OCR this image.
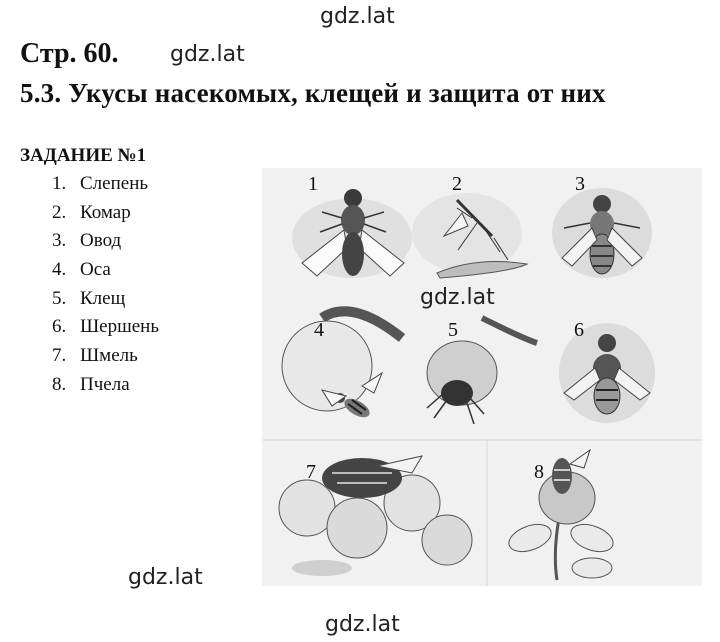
gdz.lat
gdz.lat
Стр. 60.
5.3. Укусы насекомых, клещей и защита от них
ЗАДАНИЕ №1
1. Слепень
2. Комар
3. Овод
4. Оса
5. Клещ
6. Шершень
7. Шмель
8. Пчела
1	2	3
4	5	6
7	8
gdz.lat
gdz.lat
gdz.lat
